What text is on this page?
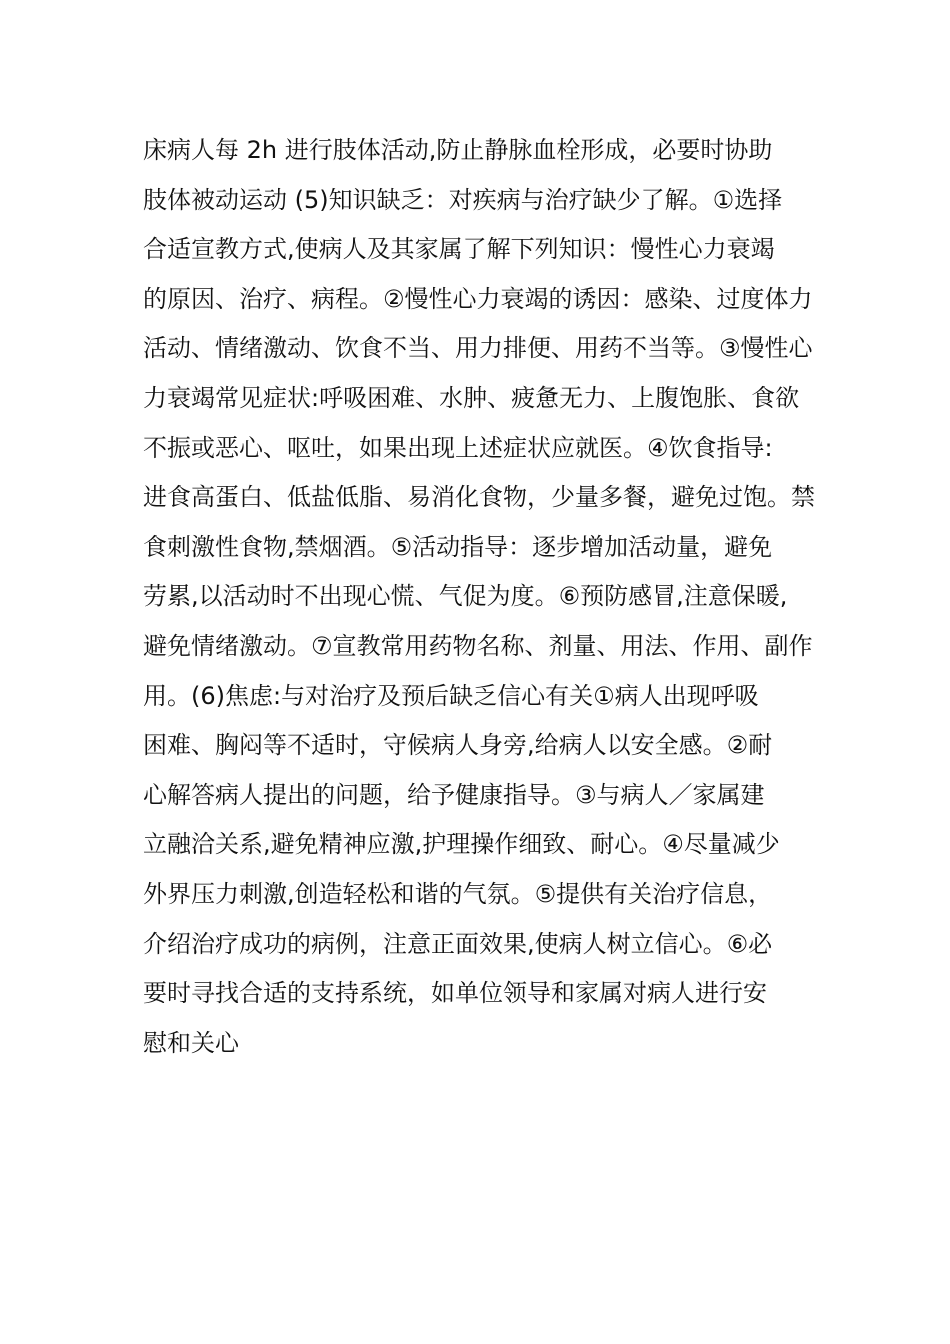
床病人每 2h 进行肢体活动,防止静脉血栓形成，必要时协助
肢体被动运动 (5)知识缺乏：对疾病与治疗缺少了解。①选择
合适宣教方式,使病人及其家属了解下列知识：慢性心力衰竭
的原因、治疗、病程。②慢性心力衰竭的诱因：感染、过度体力
活动、情绪激动、饮食不当、用力排便、用药不当等。③慢性心
力衰竭常见症状:呼吸困难、水肿、疲惫无力、上腹饱胀、食欲
不振或恶心、呕吐，如果出现上述症状应就医。④饮食指导:
进食高蛋白、低盐低脂、易消化食物，少量多餐，避免过饱。禁
食刺激性食物,禁烟酒。⑤活动指导：逐步增加活动量，避免
劳累,以活动时不出现心慌、气促为度。⑥预防感冒,注意保暖,
避免情绪激动。⑦宣教常用药物名称、剂量、用法、作用、副作
用。(6)焦虑:与对治疗及预后缺乏信心有关①病人出现呼吸
困难、胸闷等不适时，守候病人身旁,给病人以安全感。②耐
心解答病人提出的问题，给予健康指导。③与病人／家属建
立融洽关系,避免精神应激,护理操作细致、耐心。④尽量减少
外界压力刺激,创造轻松和谐的气氛。⑤提供有关治疗信息，
介绍治疗成功的病例，注意正面效果,使病人树立信心。⑥必
要时寻找合适的支持系统，如单位领导和家属对病人进行安
慰和关心
